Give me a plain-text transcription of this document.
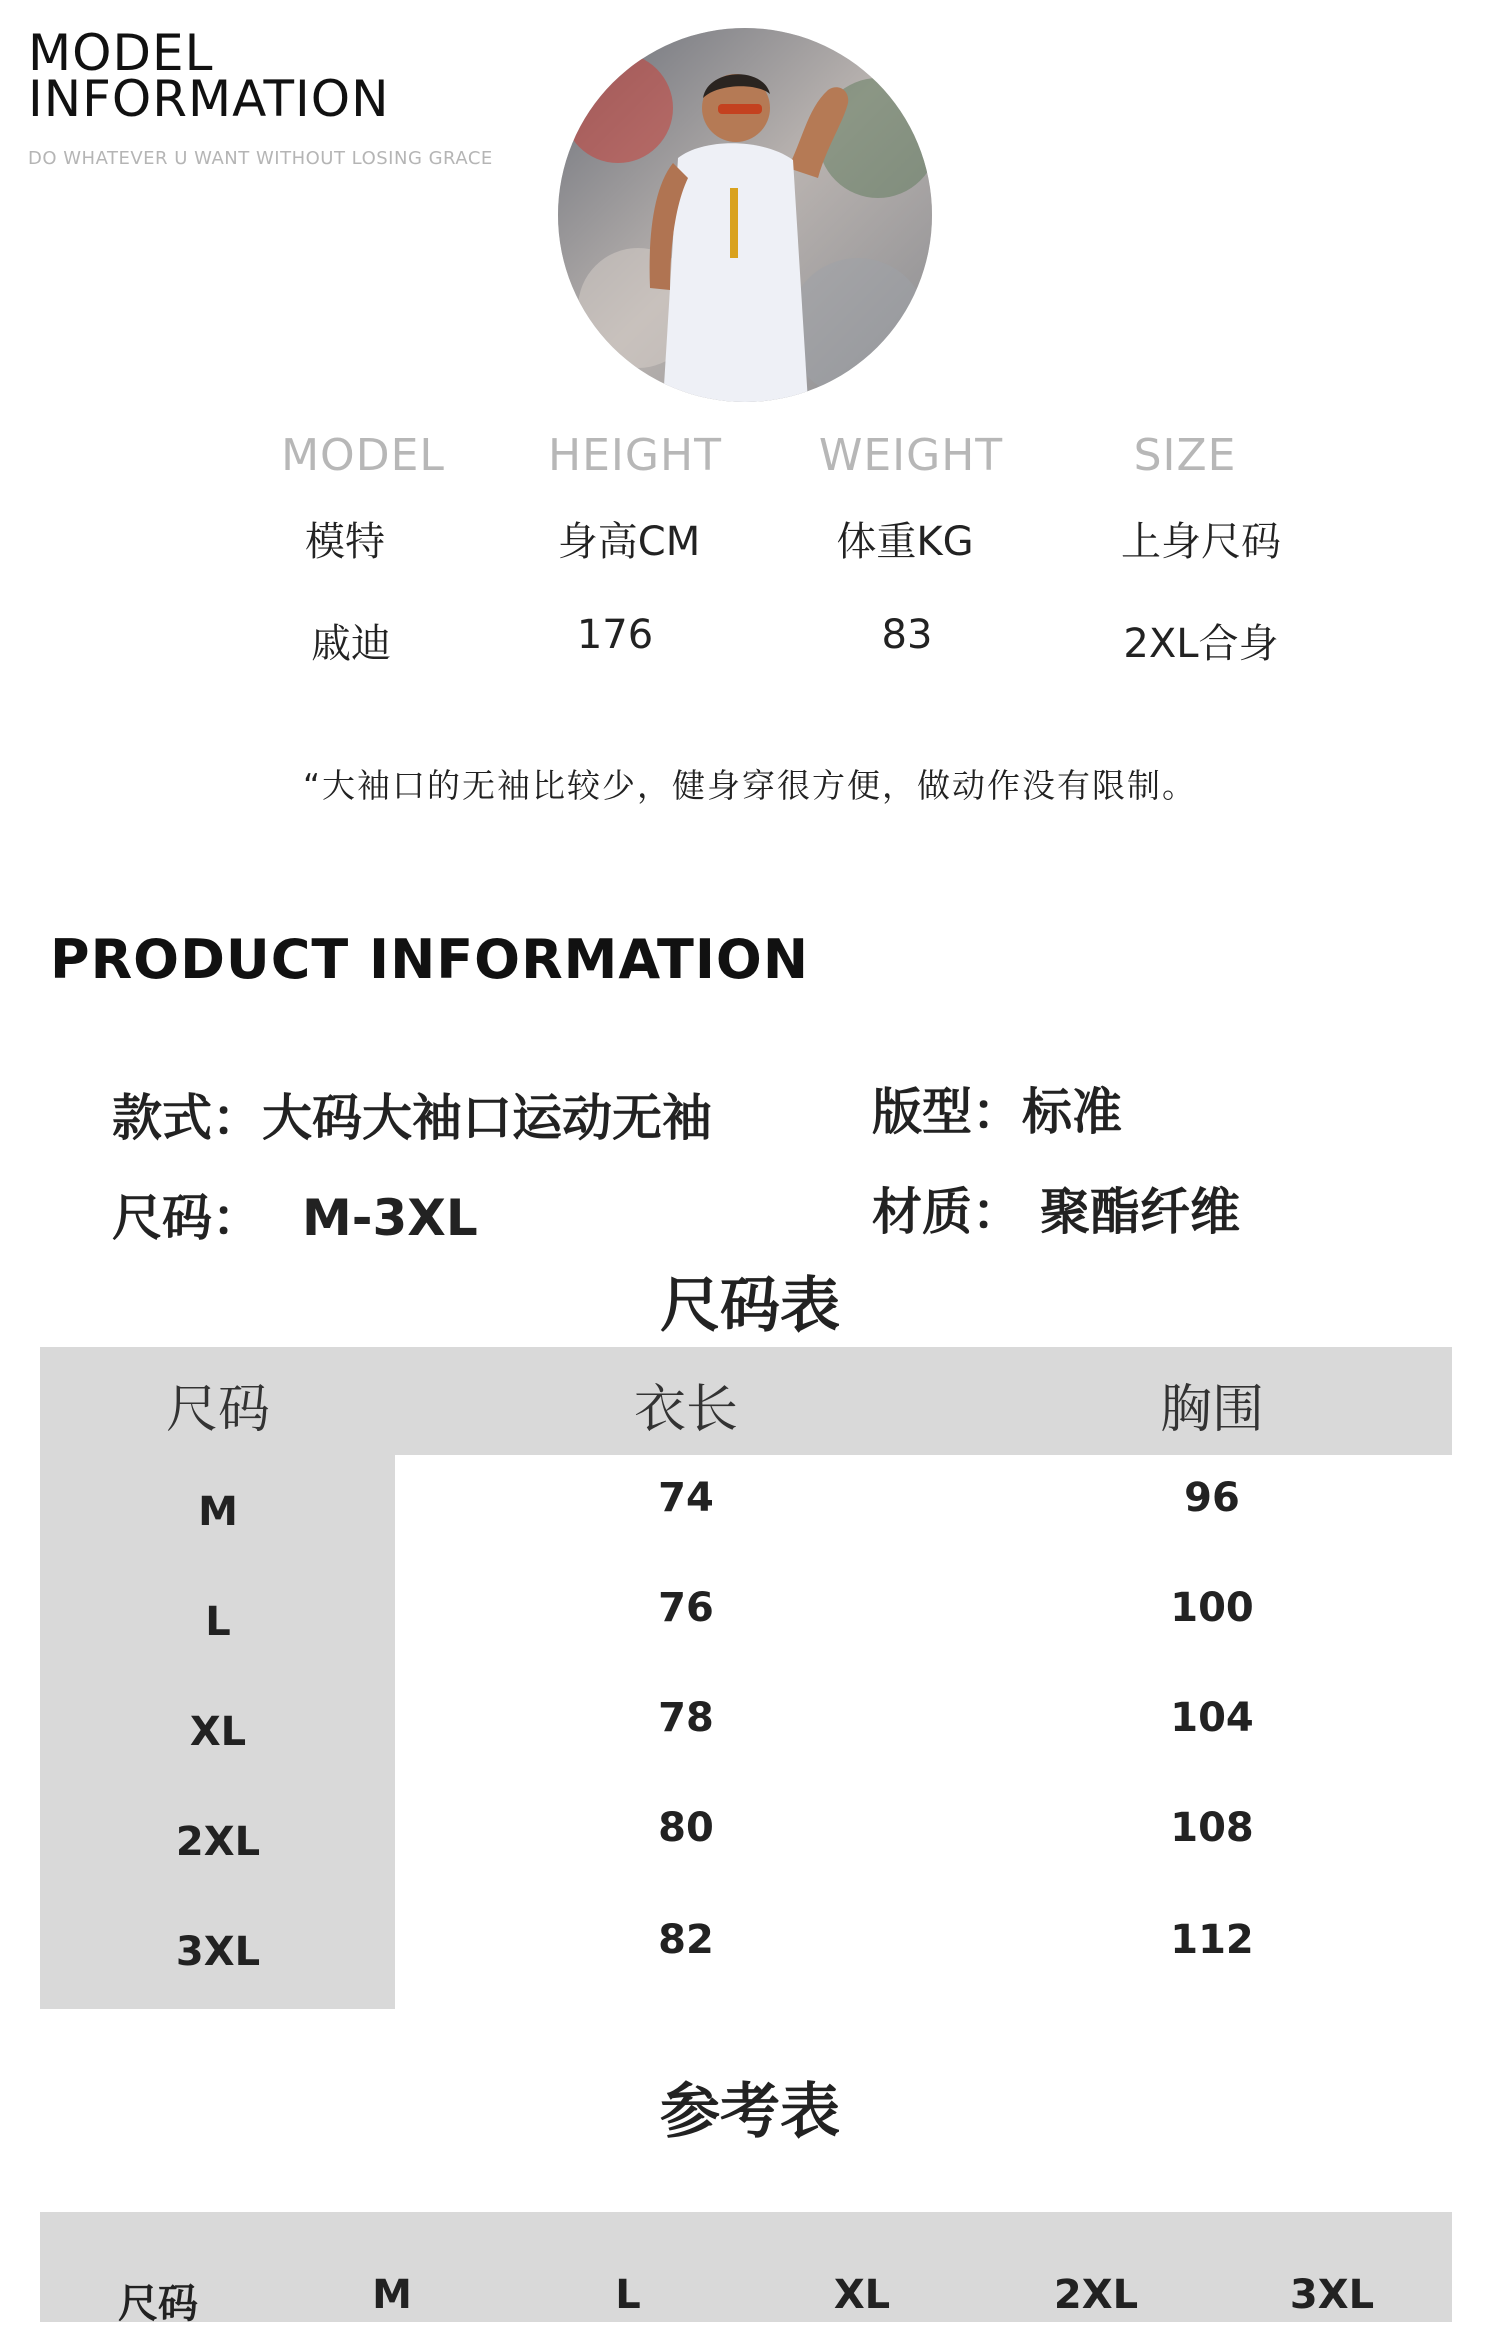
MODEL
INFORMATION
DO WHATEVER U WANT WITHOUT LOSING GRACE
MODEL	HEIGHT	WEIGHT	SIZE
模特	身高CM	体重KG	上身尺码
戚迪	176	83	2XL合身
“大袖口的无袖比较少，健身穿很方便，做动作没有限制。
PRODUCT INFORMATION
款式：大码大袖口运动无袖	版型：标准
尺码： M-3XL	材质： 聚酯纤维
尺码表
尺码	衣长	胸围
M	74	96
L	76	100
XL	78	104
2XL	80	108
3XL	82	112
参考表
尺码	M	L	XL	2XL	3XL
